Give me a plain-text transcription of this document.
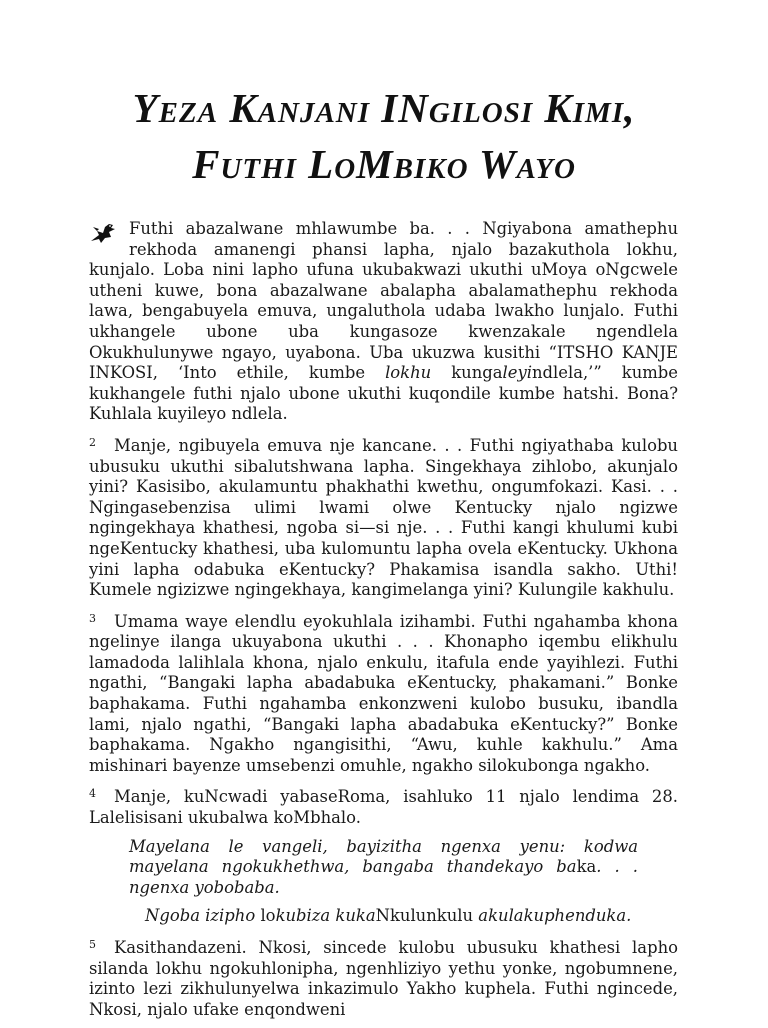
Yeza Kanjani INgilosi Kimi,
Futhi LoMbiko Wayo

Futhi abazalwane mhlawumbe ba. . . Ngiyabona amathephu rekhoda amanengi phansi lapha, njalo bazakuthola lokhu, kunjalo. Loba nini lapho ufuna ukubakwazi ukuthi uMoya oNgcwele utheni kuwe, bona abazalwane abalapha abalamathephu rekhoda lawa, bengabuyela emuva, ungaluthola udaba lwakho lunjalo. Futhi ukhangele ubone uba kungasoze kwenzakale ngendlela Okukhulunywe ngayo, uyabona. Uba ukuzwa kusithi “ITSHO KANJE INKOSI, ‘Into ethile, kumbe lokhu kungaleyindlela,’” kumbe kukhangele futhi njalo ubone ukuthi kuqondile kumbe hatshi. Bona? Kuhlala kuyileyo ndlela.

$^2$ Manje, ngibuyela emuva nje kancane. . . Futhi ngiyathaba kulobu ubusuku ukuthi sibalutshwana lapha. Singekhaya zihlobo, akunjalo yini? Kasisibo, akulamuntu phakhathi kwethu, ongumfokazi. Kasi. . . Ngingasebenzisa ulimi lwami olwe Kentucky njalo ngizwe ngingekhaya khathesi, ngoba si—si nje. . . Futhi kangi khulumi kubi ngeKentucky khathesi, uba kulomuntu lapha ovela eKentucky. Ukhona yini lapha odabuka eKentucky? Phakamisa isandla sakho. Uthi! Kumele ngizizwe ngingekhaya, kangimelanga yini? Kulungile kakhulu.

$^3$ Umama waye elendlu eyokuhlala izihambi. Futhi ngahamba khona ngelinye ilanga ukuyabona ukuthi . . . Khonapho iqembu elikhulu lamadoda lalihlala khona, njalo enkulu, itafula ende yayihlezi. Futhi ngathi, “Bangaki lapha abadabuka eKentucky, phakamani.” Bonke baphakama. Futhi ngahamba enkonzweni kulobo busuku, ibandla lami, njalo ngathi, “Bangaki lapha abadabuka eKentucky?” Bonke baphakama. Ngakho ngangisithi, “Awu, kuhle kakhulu.” Ama mishinari bayenze umsebenzi omuhle, ngakho silokubonga ngakho.

$^4$ Manje, kuNcwadi yabaseRoma, isahluko 11 njalo lendima 28. Lalelisisani ukubalwa koMbhalo.

Mayelana le vangeli, bayizitha ngenxa yenu: kodwa mayelana ngokukhethwa, bangaba thandekayo baka. . . ngenxa yobobaba.

Ngoba izipho lokubiza kukaNkulunkulu akulakuphenduka.

$^5$ Kasithandazeni. Nkosi, sincede kulobu ubusuku khathesi lapho silanda lokhu ngokuhlonipha, ngenhliziyo yethu yonke, ngobumnene, izinto lezi zikhulunyelwa inkazimulo Yakho kuphela. Futhi ngincede, Nkosi, njalo ufake enqondweni
